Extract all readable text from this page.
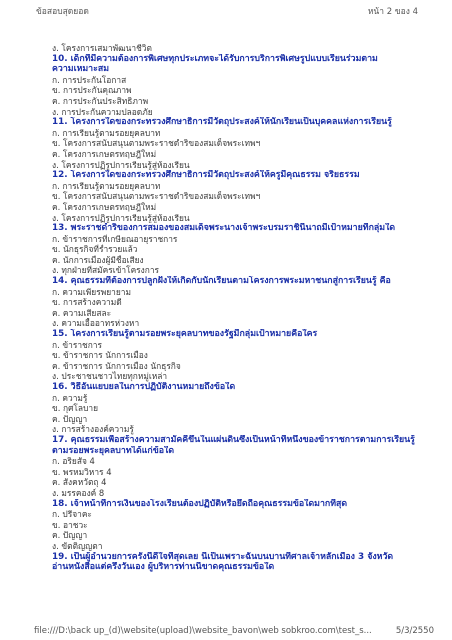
ข้อสอบสุดยอด	หน้า 2 ของ 4
ง. โครงการเสมาพัฒนาชีวิต
10. เด็กที่มีความต้องการพิเศษทุกประเภทจะได้รับการบริการพิเศษรูปแบบเรียนร่วมตาม
ความเหมาะสม
ก. การประกันโอกาส
ข. การประกันคุณภาพ
ค. การประกันประสิทธิภาพ
ง. การประกันความปลอดภัย
11. โครงการใดของกระทรวงศึกษาธิการมีวัตถุประสงค์ให้นักเรียนเป็นบุคคลแห่งการเรียนรู้
ก. การเรียนรู้ตามรอยยุคลบาท
ข. โครงการสนับสนุนตามพระราชดำริของสมเด็จพระเทพฯ
ค. โครงการเกษตรทฤษฎีใหม่
ง. โครงการปฏิรูปการเรียนรู้สู่ห้องเรียน
12. โครงการใดของกระทรวงศึกษาธิการมีวัตถุประสงค์ให้ครูมีคุณธรรม จริยธรรม
ก. การเรียนรู้ตามรอยยุคลบาท
ข. โครงการสนับสนุนตามพระราชดำริของสมเด็จพระเทพฯ
ค. โครงการเกษตรทฤษฎีใหม่
ง. โครงการปฏิรูปการเรียนรู้สู่ห้องเรียน
13. พระราชดำริของการสมองของสมเด็จพระนางเจ้าพระบรมราชินีนาถมีเป้าหมายที่กลุ่มใด
ก. ข้าราชการที่เกษียณอายุราชการ
ข. นักธุรกิจที่ร่ำรวยแล้ว
ค. นักการเมืองผู้มีชื่อเสียง
ง. ทุกฝ่ายที่สมัครเข้าโครงการ
14. คุณธรรมที่ต้องการปลูกฝังให้เกิดกับนักเรียนตามโครงการพระมหาชนกสู่การเรียนรู้ คือ
ก. ความเพียรพยายาม
ข. การสร้างความดี
ค. ความเสียสละ
ง. ความเอื้ออาทรห่วงหา
15. โครงการเรียนรู้ตามรอยพระยุคลบาทของรัฐมีกลุ่มเป้าหมายคือใคร
ก. ข้าราชการ
ข. ข้าราชการ นักการเมือง
ค. ข้าราชการ นักการเมือง นักธุรกิจ
ง. ประชาชนชาวไทยทุกหมู่เหล่า
16. วิธีอันแยบยลในการปฏิบัติงานหมายถึงข้อใด
ก. ความรู้
ข. กุศโลบาย
ค. ปัญญา
ง. การสร้างองค์ความรู้
17. คุณธรรมเพื่อสร้างความสามัคคีขึ้นในแผ่นดินซึ่งเป็นหน้าที่หนึ่งของข้าราชการตามการเรียนรู้
ตามรอยพระยุคลบาทได้แก่ข้อใด
ก. อริยสัจ 4
ข. พรหมวิหาร 4
ค. สังคหวัตถุ 4
ง. มรรคองค์ 8
18. เจ้าหน้าที่การเงินของโรงเรียนต้องปฏิบัติหรือยึดถือคุณธรรมข้อใดมากที่สุด
ก. ปรีจาคะ
ข. อาชวะ
ค. ปัญญา
ง. ขัตติญญตา
19. เป็นผู้อำนวยการครั้งนี้ดีใจที่สุดเลย นี่เป็นเพราะฉันบนบานที่ศาลเจ้าหลักเมือง 3 จังหวัด
อ่านหนังสือแต่ครึ่งวันเอง ผู้บริหารท่านนี้ขาดคุณธรรมข้อใด
file:///D:\back up_(d)\website(upload)\website_bavon\web sobkroo.com\test_s...	5/3/2550
